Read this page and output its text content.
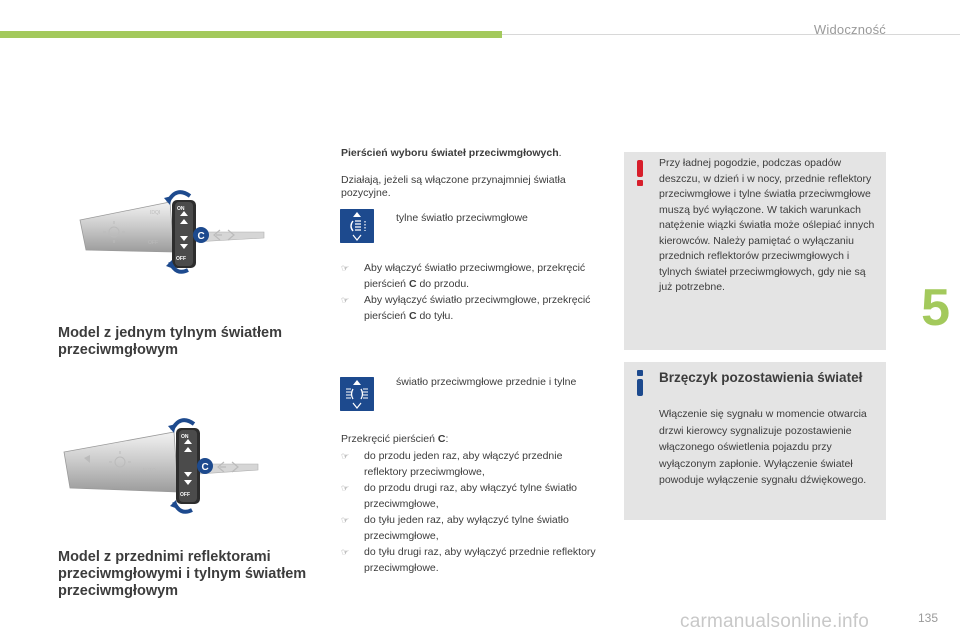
Widoczność
5
ON
OFF
IDQI
OFF
C
Model z jednym tylnym światłem przeciwmgłowym
ON
OFF
AUTO	C
Model z przednimi reflektorami przeciwmgłowymi i tylnym światłem przeciwmgłowym
Pierścień wyboru świateł przeciwmgłowych.
Działają, jeżeli są włączone przynajmniej światła pozycyjne.
tylne światło przeciwmgłowe
☞ Aby włączyć światło przeciwmgłowe, przekręcić pierścień C do przodu.
☞ Aby wyłączyć światło przeciwmgłowe, przekręcić pierścień C do tyłu.
światło przeciwmgłowe przednie i tylne
Przekręcić pierścień C:
☞ do przodu jeden raz, aby włączyć przednie reflektory przeciwmgłowe,
☞ do przodu drugi raz, aby włączyć tylne światło przeciwmgłowe,
☞ do tyłu jeden raz, aby wyłączyć tylne światło przeciwmgłowe,
☞ do tyłu drugi raz, aby wyłączyć przednie reflektory przeciwmgłowe.
Przy ładnej pogodzie, podczas opadów deszczu, w dzień i w nocy, przednie reflektory przeciwmgłowe i tylne światła przeciwmgłowe muszą być wyłączone. W takich warunkach natężenie wiązki światła może oślepiać innych kierowców. Należy pamiętać o wyłączaniu przednich reflektorów przeciwmgłowych i tylnych świateł przeciwmgłowych, gdy nie są już potrzebne.
Brzęczyk pozostawienia świateł
Włączenie się sygnału w momencie otwarcia drzwi kierowcy sygnalizuje pozostawienie włączonego oświetlenia pojazdu przy wyłączonym zapłonie. Wyłączenie świateł powoduje wyłączenie sygnału dźwiękowego.
carmanualsonline.info	135
